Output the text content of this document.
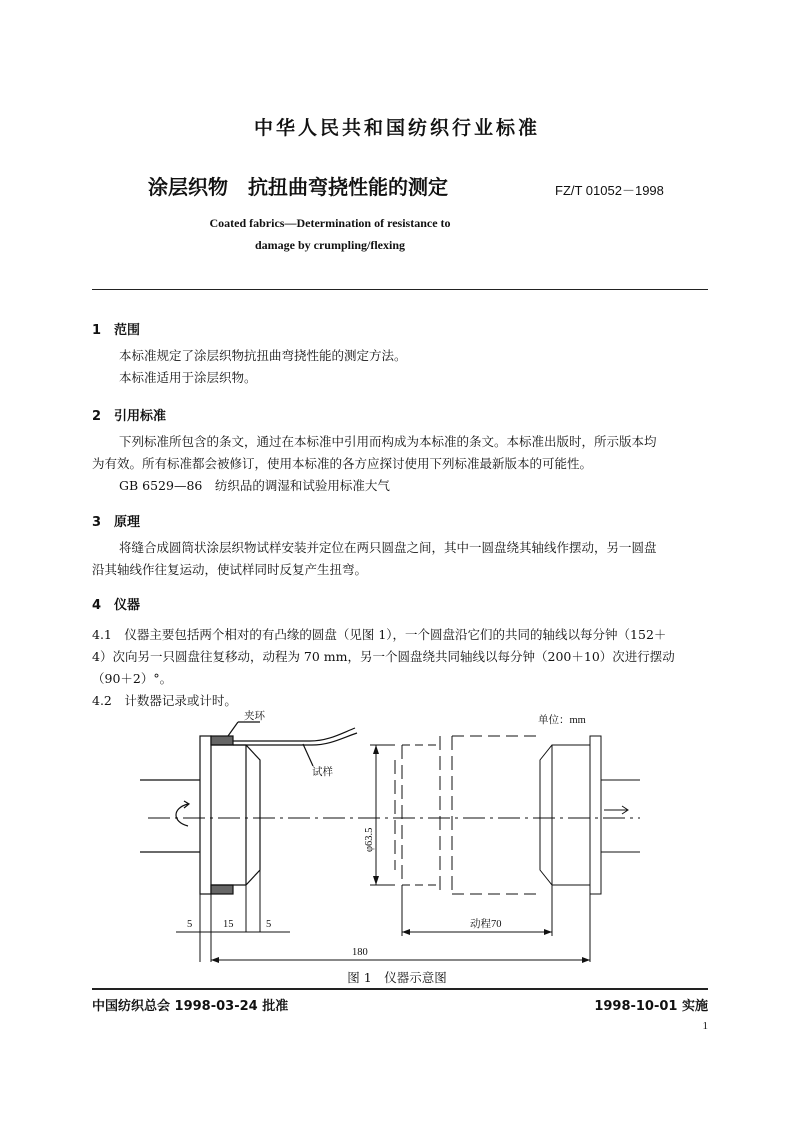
中华人民共和国纺织行业标准
涂层织物　抗扭曲弯挠性能的测定	FZ/T 01052－1998
Coated fabrics—Determination of resistance to
damage by crumpling/flexing
1　范围
本标准规定了涂层织物抗扭曲弯挠性能的测定方法。
本标准适用于涂层织物。
2　引用标准
下列标准所包含的条文，通过在本标准中引用而构成为本标准的条文。本标准出版时，所示版本均
为有效。所有标准都会被修订，使用本标准的各方应探讨使用下列标准最新版本的可能性。
GB 6529—86　纺织品的调湿和试验用标准大气
3　原理
将缝合成圆筒状涂层织物试样安装并定位在两只圆盘之间，其中一圆盘绕其轴线作摆动，另一圆盘
沿其轴线作往复运动，使试样同时反复产生扭弯。
4　仪器
4.1　仪器主要包括两个相对的有凸缘的圆盘（见图 1），一个圆盘沿它们的共同的轴线以每分钟（152＋
4）次向另一只圆盘往复移动，动程为 70 mm，另一个圆盘绕共同轴线以每分钟（200＋10）次进行摆动
（90＋2）°。
4.2　计数器记录或计时。
夹环
试样
单位：mm
φ63.5
5	15	5	动程70
180
图 1　仪器示意图
中国纺织总会 1998-03-24 批准	1998-10-01 实施
1
